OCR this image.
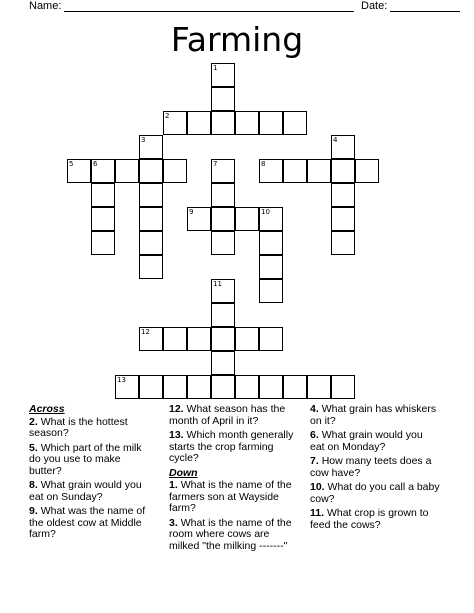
Name:	Date:
Farming
1
2
3	4
5	6	7	8
9	10
11
12
13
Across
2. What is the hottest season?
5. Which part of the milk do you use to make butter?
8. What grain would you eat on Sunday?
9. What was the name of the oldest cow at Middle farm?
12. What season has the month of April in it?
13. Which month generally starts the crop farming cycle?
Down
1. What is the name of the farmers son at Wayside farm?
3. What is the name of the room where cows are milked "the milking -------"
4. What grain has whiskers on it?
6. What grain would you eat on Monday?
7. How many teets does a cow have?
10. What do you call a baby cow?
11. What crop is grown to feed the cows?
